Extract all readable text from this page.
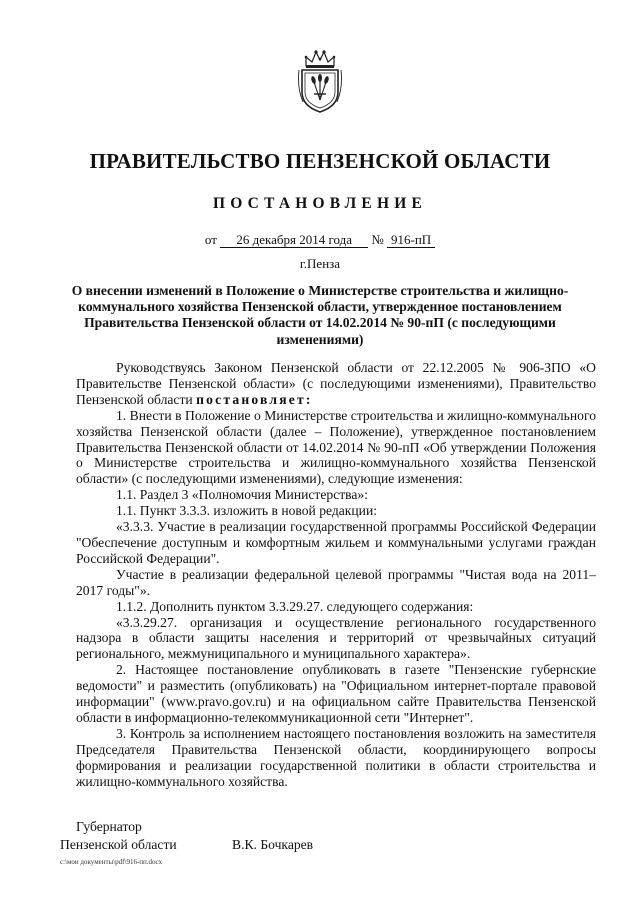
ПРАВИТЕЛЬСТВО ПЕНЗЕНСКОЙ ОБЛАСТИ
ПОСТАНОВЛЕНИЕ
от 26 декабря 2014 года № 916-пП
г.Пенза
О внесении изменений в Положение о Министерстве строительства и жилищно-коммунального хозяйства Пензенской области, утвержденное постановлением Правительства Пензенской области от 14.02.2014 № 90-пП (с последующими изменениями)

Руководствуясь Законом Пензенской области от 22.12.2005 № 906-ЗПО «О Правительстве Пензенской области» (с последующими изменениями), Правительство Пензенской области постановляет:

1. Внести в Положение о Министерстве строительства и жилищно-коммунального хозяйства Пензенской области (далее – Положение), утвержденное постановлением Правительства Пензенской области от 14.02.2014 № 90-пП «Об утверждении Положения о Министерстве строительства и жилищно-коммунального хозяйства Пензенской области» (с последующими изменениями), следующие изменения:

1.1. Раздел 3 «Полномочия Министерства»:

1.1. Пункт 3.3.3. изложить в новой редакции:

«3.3.3. Участие в реализации государственной программы Российской Федерации "Обеспечение доступным и комфортным жильем и коммунальными услугами граждан Российской Федерации".

Участие в реализации федеральной целевой программы "Чистая вода на 2011–2017 годы"».

1.1.2. Дополнить пунктом 3.3.29.27. следующего содержания:

«3.3.29.27. организация и осуществление регионального государственного надзора в области защиты населения и территорий от чрезвычайных ситуаций регионального, межмуниципального и муниципального характера».

2. Настоящее постановление опубликовать в газете "Пензенские губернские ведомости" и разместить (опубликовать) на "Официальном интернет-портале правовой информации" (www.pravo.gov.ru) и на официальном сайте Правительства Пензенской области в информационно-телекоммуникационной сети "Интернет".

3. Контроль за исполнением настоящего постановления возложить на заместителя Председателя Правительства Пензенской области, координирующего вопросы формирования и реализации государственной политики в области строительства и жилищно-коммунального хозяйства.

Губернатор
Пензенской области	В.К. Бочкарев
c:\мои документы\pdf\916-пп.docx
